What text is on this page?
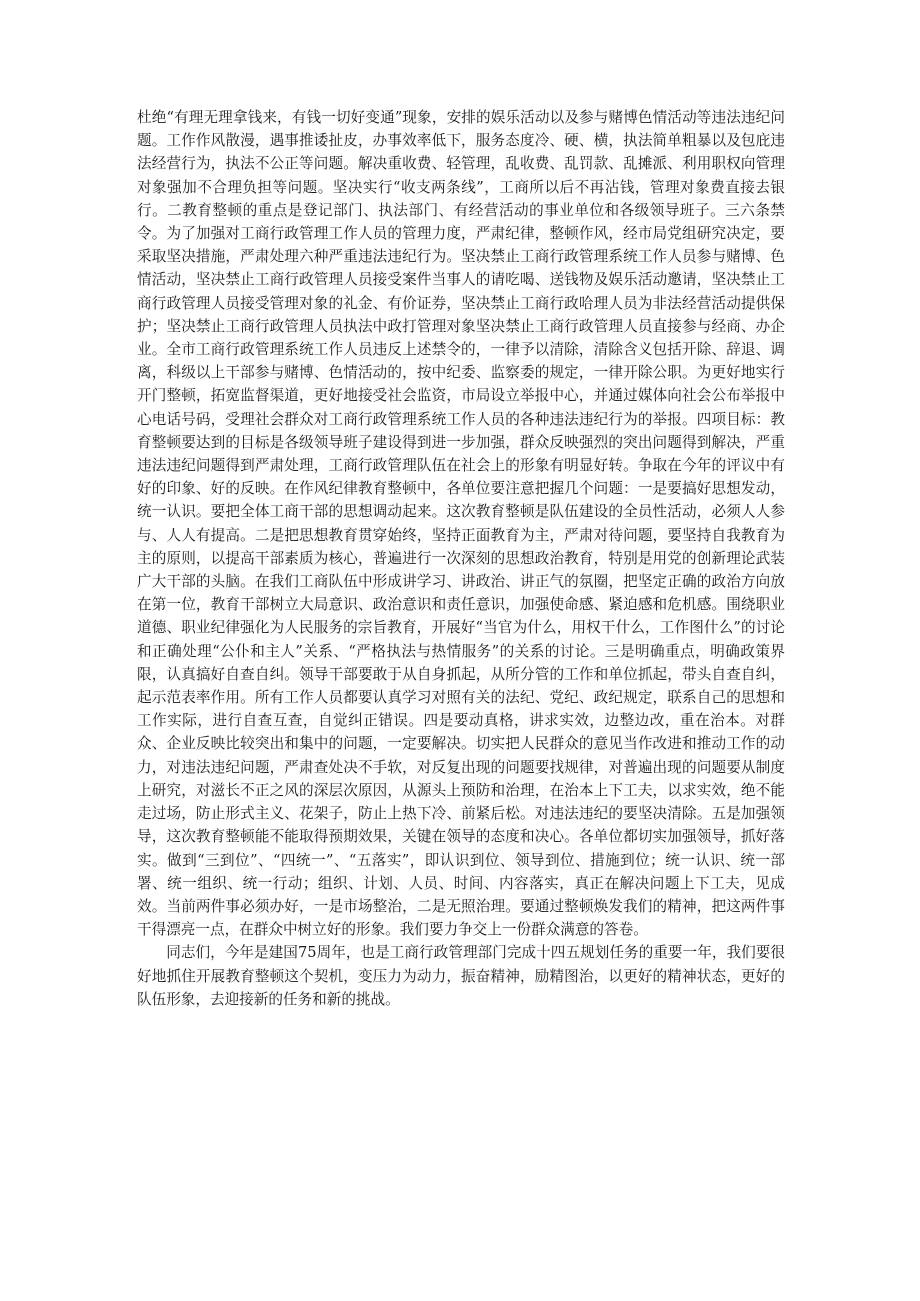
杜绝“有理无理拿钱来，有钱一切好变通”现象，安排的娱乐活动以及参与赌博色情活动等违法违纪问题。工作作风散漫，遇事推诿扯皮，办事效率低下，服务态度冷、硬、横，执法简单粗暴以及包庇违法经营行为，执法不公正等问题。解决重收费、轻管理，乱收费、乱罚款、乱摊派、利用职权向管理对象强加不合理负担等问题。坚决实行“收支两条线”，工商所以后不再沾钱，管理对象费直接去银行。二教育整顿的重点是登记部门、执法部门、有经营活动的事业单位和各级领导班子。三六条禁令。为了加强对工商行政管理工作人员的管理力度，严肃纪律，整顿作风，经市局党组研究决定，要采取坚决措施，严肃处理六种严重违法违纪行为。坚决禁止工商行政管理系统工作人员参与赌博、色情活动，坚决禁止工商行政管理人员接受案件当事人的请吃喝、送钱物及娱乐活动邀请，坚决禁止工商行政管理人员接受管理对象的礼金、有价证券，坚决禁止工商行政哈理人员为非法经营活动提供保护；坚决禁止工商行政管理人员执法中政打管理对象坚决禁止工商行政管理人员直接参与经商、办企业。全市工商行政管理系统工作人员违反上述禁令的，一律予以清除，清除含义包括开除、辞退、调离，科级以上干部参与赌博、色情活动的，按中纪委、监察委的规定，一律开除公职。为更好地实行开门整顿，拓宽监督渠道，更好地接受社会监资，市局设立举报中心，并通过媒体向社会公布举报中心电话号码，受理社会群众对工商行政管理系统工作人员的各种违法违纪行为的举报。四项目标：教育整顿要达到的目标是各级领导班子建设得到进一步加强，群众反映强烈的突出问题得到解决，严重违法违纪问题得到严肃处理，工商行政管理队伍在社会上的形象有明显好转。争取在今年的评议中有好的印象、好的反映。在作风纪律教育整顿中，各单位要注意把握几个问题：一是要搞好思想发动，统一认识。要把全体工商干部的思想调动起来。这次教育整顿是队伍建设的全员性活动，必须人人参与、人人有提高。二是把思想教育贯穿始终，坚持正面教育为主，严肃对待问题，要坚持自我教育为主的原则，以提高干部素质为核心，普遍进行一次深刻的思想政治教育，特别是用党的创新理论武装广大干部的头脑。在我们工商队伍中形成讲学习、讲政治、讲正气的氛圈，把坚定正确的政治方向放在第一位，教育干部树立大局意识、政治意识和责任意识，加强使命感、紧迫感和危机感。围绕职业道德、职业纪律强化为人民服务的宗旨教育，开展好“当官为什么，用权干什么，工作图什么”的讨论和正确处理“公仆和主人”关系、“严格执法与热情服务”的关系的讨论。三是明确重点，明确政策界限，认真搞好自查自纠。领导干部要敢于从自身抓起，从所分管的工作和单位抓起，带头自查自纠，起示范表率作用。所有工作人员都要认真学习对照有关的法纪、党纪、政纪规定，联系自己的思想和工作实际，进行自查互查，自觉纠正错误。四是要动真格，讲求实效，边整边改，重在治本。对群众、企业反映比较突出和集中的问题，一定要解决。切实把人民群众的意见当作改进和推动工作的动力，对违法违纪问题，严肃查处决不手软，对反复出现的问题要找规律，对普遍出现的问题要从制度上研究，对滋长不正之风的深层次原因，从源头上预防和治理，在治本上下工夫，以求实效，绝不能走过场，防止形式主义、花架子，防止上热下冷、前紧后松。对违法违纪的要坚决清除。五是加强领导，这次教育整顿能不能取得预期效果，关键在领导的态度和决心。各单位都切实加强领导，抓好落实。做到“三到位”、“四统一”、“五落实”，即认识到位、领导到位、措施到位；统一认识、统一部署、统一组织、统一行动；组织、计划、人员、时间、内容落实，真正在解决问题上下工夫，见成效。当前两件事必须办好，一是市场整治，二是无照治理。要通过整顿焕发我们的精神，把这两件事干得漂亮一点，在群众中树立好的形象。我们要力争交上一份群众满意的答卷。

同志们，今年是建国75周年，也是工商行政管理部门完成十四五规划任务的重要一年，我们要很好地抓住开展教育整顿这个契机，变压力为动力，振奋精神，励精图治，以更好的精神状态，更好的队伍形象，去迎接新的任务和新的挑战。
